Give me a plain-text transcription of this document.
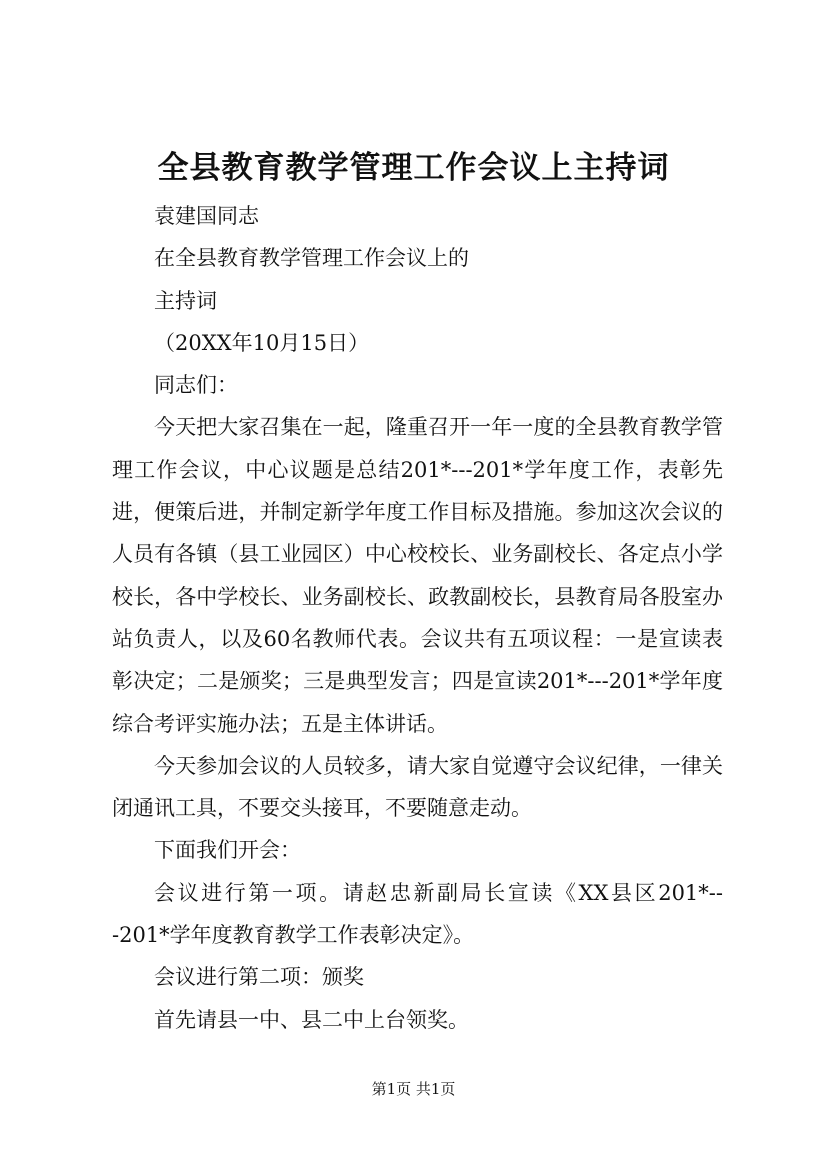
全县教育教学管理工作会议上主持词

袁建国同志

在全县教育教学管理工作会议上的

主持词

（20XX年10月15日）

同志们：

今天把大家召集在一起，隆重召开一年一度的全县教育教学管理工作会议，中心议题是总结201*---201*学年度工作，表彰先进，便策后进，并制定新学年度工作目标及措施。参加这次会议的人员有各镇（县工业园区）中心校校长、业务副校长、各定点小学校长，各中学校长、业务副校长、政教副校长，县教育局各股室办站负责人，以及60名教师代表。会议共有五项议程：一是宣读表彰决定；二是颁奖；三是典型发言；四是宣读201*---201*学年度综合考评实施办法；五是主体讲话。

今天参加会议的人员较多，请大家自觉遵守会议纪律，一律关闭通讯工具，不要交头接耳，不要随意走动。

下面我们开会：

会议进行第一项。请赵忠新副局长宣读《XX县区201*---201*学年度教育教学工作表彰决定》。

会议进行第二项：颁奖

首先请县一中、县二中上台领奖。

第1页 共1页
